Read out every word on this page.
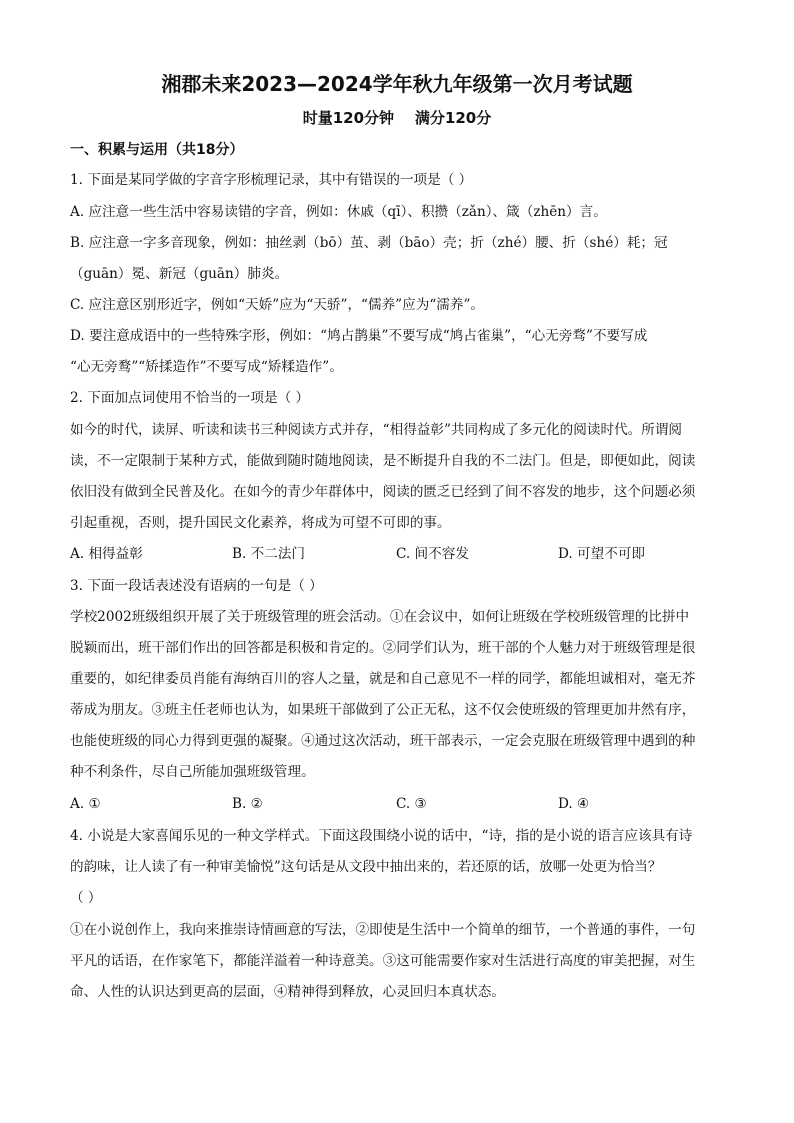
湘郡未来2023—2024学年秋九年级第一次月考试题
时量120分钟    满分120分
一、积累与运用（共18分）
1. 下面是某同学做的字音字形梳理记录，其中有错误的一项是（ ）
A. 应注意一些生活中容易读错的字音，例如：休戚（qī）、积攒（zǎn）、箴（zhēn）言。
B. 应注意一字多音现象，例如：抽丝剥（bō）茧、剥（bāo）壳；折（zhé）腰、折（shé）耗；冠
（guān）冕、新冠（guān）肺炎。
C. 应注意区别形近字，例如“天娇”应为“天骄”，“儒养”应为“濡养”。
D. 要注意成语中的一些特殊字形，例如：“鸠占鹊巢”不要写成“鸠占雀巢”，“心无旁骛”不要写成
“心无旁鹜”“矫揉造作”不要写成“矫糅造作”。
2. 下面加点词使用不恰当的一项是（ ）
如今的时代，读屏、听读和读书三种阅读方式并存，“相得益彰”共同构成了多元化的阅读时代。所谓阅
读，不一定限制于某种方式，能做到随时随地阅读，是不断提升自我的不二法门。但是，即便如此，阅读
依旧没有做到全民普及化。在如今的青少年群体中，阅读的匮乏已经到了间不容发的地步，这个问题必须
引起重视，否则，提升国民文化素养，将成为可望不可即的事。
A. 相得益彰	B. 不二法门	C. 间不容发	D. 可望不可即
3. 下面一段话表述没有语病的一句是（ ）
学校2002班级组织开展了关于班级管理的班会活动。①在会议中，如何让班级在学校班级管理的比拼中
脱颖而出，班干部们作出的回答都是积极和肯定的。②同学们认为，班干部的个人魅力对于班级管理是很
重要的，如纪律委员肖能有海纳百川的容人之量，就是和自己意见不一样的同学，都能坦诚相对，毫无芥
蒂成为朋友。③班主任老师也认为，如果班干部做到了公正无私，这不仅会使班级的管理更加井然有序，
也能使班级的同心力得到更强的凝聚。④通过这次活动，班干部表示，一定会克服在班级管理中遇到的种
种不利条件，尽自己所能加强班级管理。
A. ①	B. ②	C. ③	D. ④
4. 小说是大家喜闻乐见的一种文学样式。下面这段围绕小说的话中，“诗，指的是小说的语言应该具有诗
的韵味，让人读了有一种审美愉悦”这句话是从文段中抽出来的，若还原的话，放哪一处更为恰当？
（ ）
①在小说创作上，我向来推崇诗情画意的写法，②即使是生活中一个简单的细节，一个普通的事件，一句
平凡的话语，在作家笔下，都能洋溢着一种诗意美。③这可能需要作家对生活进行高度的审美把握，对生
命、人性的认识达到更高的层面，④精神得到释放，心灵回归本真状态。
